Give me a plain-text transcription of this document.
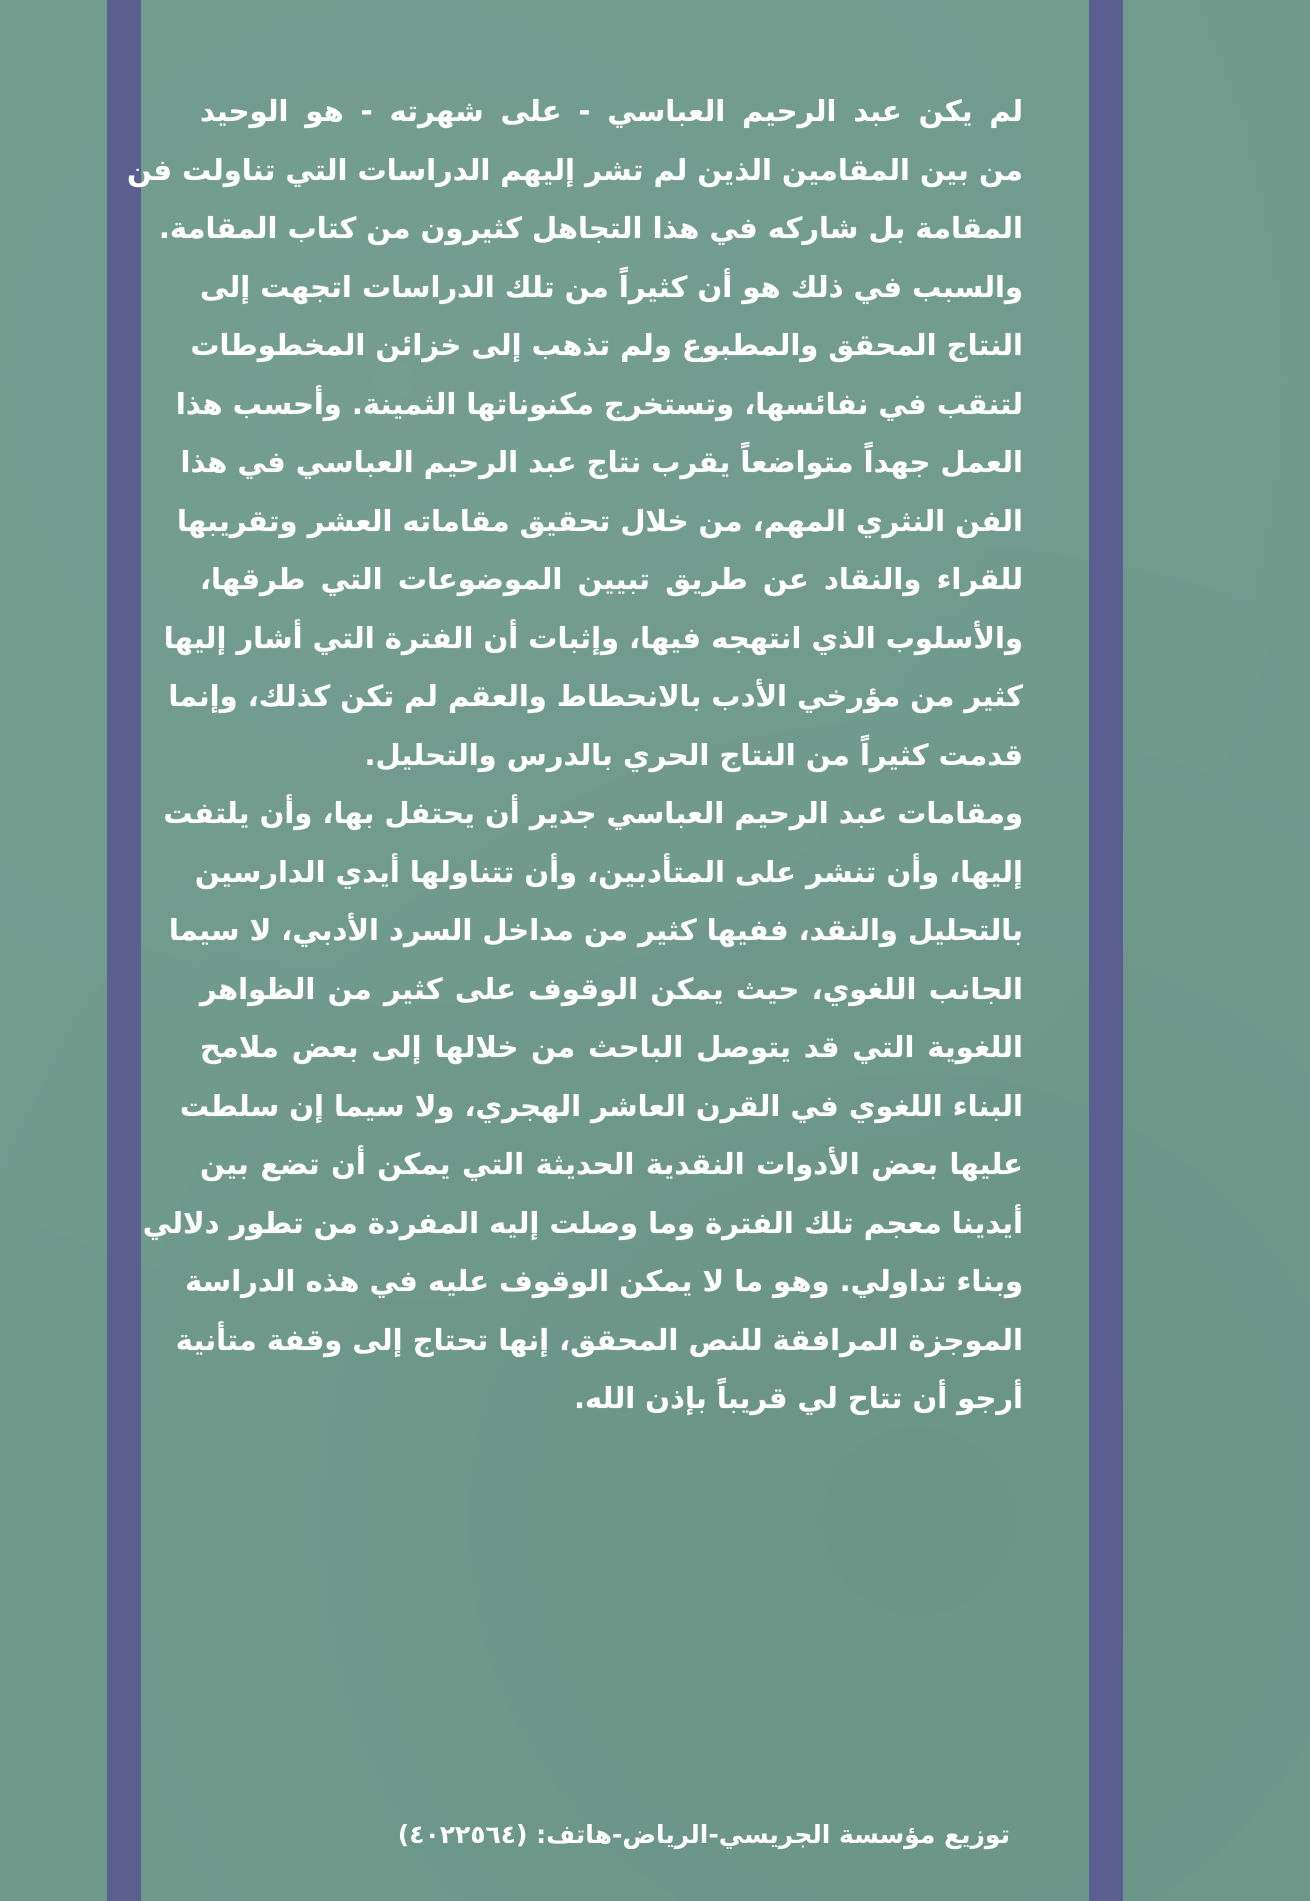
لم يكن عبد الرحيم العباسي - على شهرته - هو الوحيد
من بين المقامين الذين لم تشر إليهم الدراسات التي تناولت فن
المقامة بل شاركه في هذا التجاهل كثيرون من كتاب المقامة.
والسبب في ذلك هو أن كثيراً من تلك الدراسات اتجهت إلى
النتاج المحقق والمطبوع ولم تذهب إلى خزائن المخطوطات
لتنقب في نفائسها، وتستخرج مكنوناتها الثمينة. وأحسب هذا
العمل جهداً متواضعاً يقرب نتاج عبد الرحيم العباسي في هذا
الفن النثري المهم، من خلال تحقيق مقاماته العشر وتقريبها
للقراء والنقاد عن طريق تبيين الموضوعات التي طرقها،
والأسلوب الذي انتهجه فيها، وإثبات أن الفترة التي أشار إليها
كثير من مؤرخي الأدب بالانحطاط والعقم لم تكن كذلك، وإنما
قدمت كثيراً من النتاج الحري بالدرس والتحليل.
ومقامات عبد الرحيم العباسي جدير أن يحتفل بها، وأن يلتفت
إليها، وأن تنشر على المتأدبين، وأن تتناولها أيدي الدارسين
بالتحليل والنقد، ففيها كثير من مداخل السرد الأدبي، لا سيما
الجانب اللغوي، حيث يمكن الوقوف على كثير من الظواهر
اللغوية التي قد يتوصل الباحث من خلالها إلى بعض ملامح
البناء اللغوي في القرن العاشر الهجري، ولا سيما إن سلطت
عليها بعض الأدوات النقدية الحديثة التي يمكن أن تضع بين
أيدينا معجم تلك الفترة وما وصلت إليه المفردة من تطور دلالي
وبناء تداولي. وهو ما لا يمكن الوقوف عليه في هذه الدراسة
الموجزة المرافقة للنص المحقق، إنها تحتاج إلى وقفة متأنية
أرجو أن تتاح لي قريباً بإذن الله.
توزيع مؤسسة الجريسي-الرياض-هاتف: (٤٠٢٢٥٦٤)
